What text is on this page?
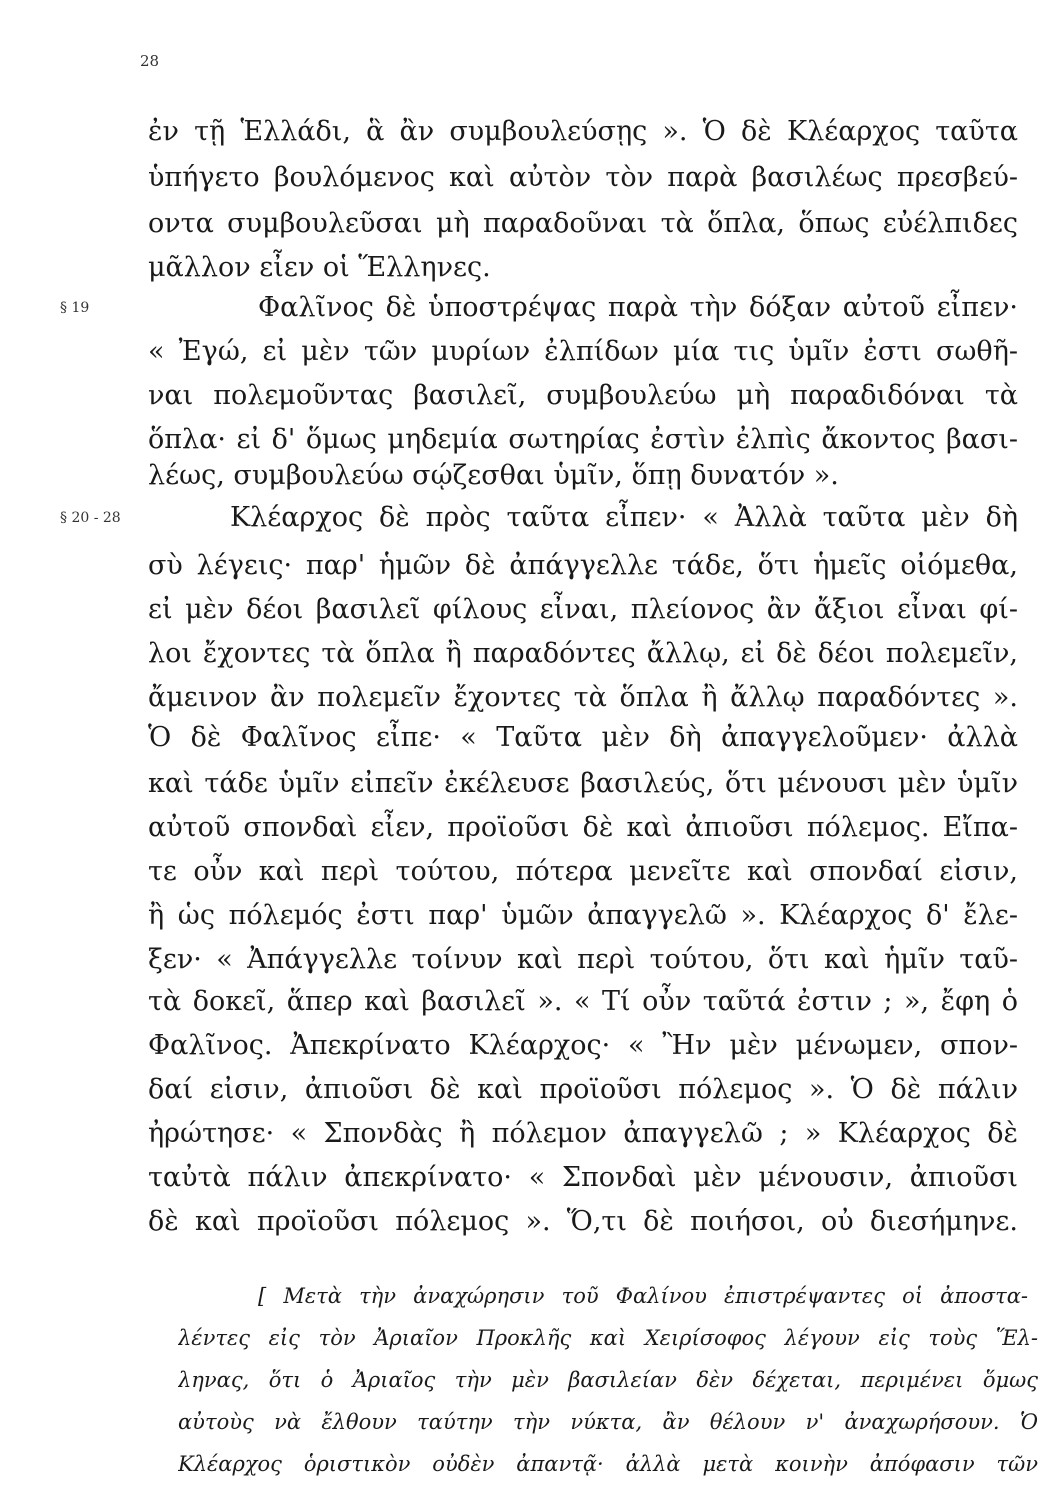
28
§ 19
§ 20 - 28
ἐν τῇ Ἑλλάδι, ἃ ἂν συμβουλεύσῃς ». Ὁ δὲ Κλέαρχος ταῦτα
ὑπήγετο βουλόμενος καὶ αὐτὸν τὸν παρὰ βασιλέως πρεσβεύ-
οντα συμβουλεῦσαι μὴ παραδοῦναι τὰ ὅπλα, ὅπως εὐέλπιδες
μᾶλλον εἶεν οἱ Ἕλληνες.
Φαλῖνος δὲ ὑποστρέψας παρὰ τὴν δόξαν αὐτοῦ εἶπεν·
« Ἐγώ, εἰ μὲν τῶν μυρίων ἐλπίδων μία τις ὑμῖν ἐστι σωθῆ-
ναι πολεμοῦντας βασιλεῖ, συμβουλεύω μὴ παραδιδόναι τὰ
ὅπλα· εἰ δ' ὅμως μηδεμία σωτηρίας ἐστὶν ἐλπὶς ἄκοντος βασι-
λέως, συμβουλεύω σῴζεσθαι ὑμῖν, ὅπῃ δυνατόν ».
Κλέαρχος δὲ πρὸς ταῦτα εἶπεν· « Ἀλλὰ ταῦτα μὲν δὴ
σὺ λέγεις· παρ' ἡμῶν δὲ ἀπάγγελλε τάδε, ὅτι ἡμεῖς οἰόμεθα,
εἰ μὲν δέοι βασιλεῖ φίλους εἶναι, πλείονος ἂν ἄξιοι εἶναι φί-
λοι ἔχοντες τὰ ὅπλα ἢ παραδόντες ἄλλῳ, εἰ δὲ δέοι πολεμεῖν,
ἄμεινον ἂν πολεμεῖν ἔχοντες τὰ ὅπλα ἢ ἄλλῳ παραδόντες ».
Ὁ δὲ Φαλῖνος εἶπε· « Ταῦτα μὲν δὴ ἀπαγγελοῦμεν· ἀλλὰ
καὶ τάδε ὑμῖν εἰπεῖν ἐκέλευσε βασιλεύς, ὅτι μένουσι μὲν ὑμῖν
αὐτοῦ σπονδαὶ εἶεν, προϊοῦσι δὲ καὶ ἀπιοῦσι πόλεμος. Εἴπα-
τε οὖν καὶ περὶ τούτου, πότερα μενεῖτε καὶ σπονδαί εἰσιν,
ἢ ὡς πόλεμός ἐστι παρ' ὑμῶν ἀπαγγελῶ ». Κλέαρχος δ' ἔλε-
ξεν· « Ἀπάγγελλε τοίνυν καὶ περὶ τούτου, ὅτι καὶ ἡμῖν ταῦ-
τὰ δοκεῖ, ἅπερ καὶ βασιλεῖ ». « Τί οὖν ταῦτά ἐστιν ; », ἔφη ὁ
Φαλῖνος. Ἀπεκρίνατο Κλέαρχος· « Ἢν μὲν μένωμεν, σπον-
δαί εἰσιν, ἀπιοῦσι δὲ καὶ προϊοῦσι πόλεμος ». Ὁ δὲ πάλιν
ἠρώτησε· « Σπονδὰς ἢ πόλεμον ἀπαγγελῶ ; » Κλέαρχος δὲ
ταὐτὰ πάλιν ἀπεκρίνατο· « Σπονδαὶ μὲν μένουσιν, ἀπιοῦσι
δὲ καὶ προϊοῦσι πόλεμος ». Ὅ,τι δὲ ποιήσοι, οὐ διεσήμηνε.
[ Μετὰ τὴν ἀναχώρησιν τοῦ Φαλίνου ἐπιστρέψαντες οἱ ἀποστα-
λέντες εἰς τὸν Ἀριαῖον Προκλῆς καὶ Χειρίσοφος λέγουν εἰς τοὺς Ἕλ-
ληνας, ὅτι ὁ Ἀριαῖος τὴν μὲν βασιλείαν δὲν δέχεται, περιμένει ὅμως
αὐτοὺς νὰ ἔλθουν ταύτην τὴν νύκτα, ἂν θέλουν ν' ἀναχωρήσουν. Ὁ
Κλέαρχος ὁριστικὸν οὐδὲν ἀπαντᾷ· ἀλλὰ μετὰ κοινὴν ἀπόφασιν τῶν
